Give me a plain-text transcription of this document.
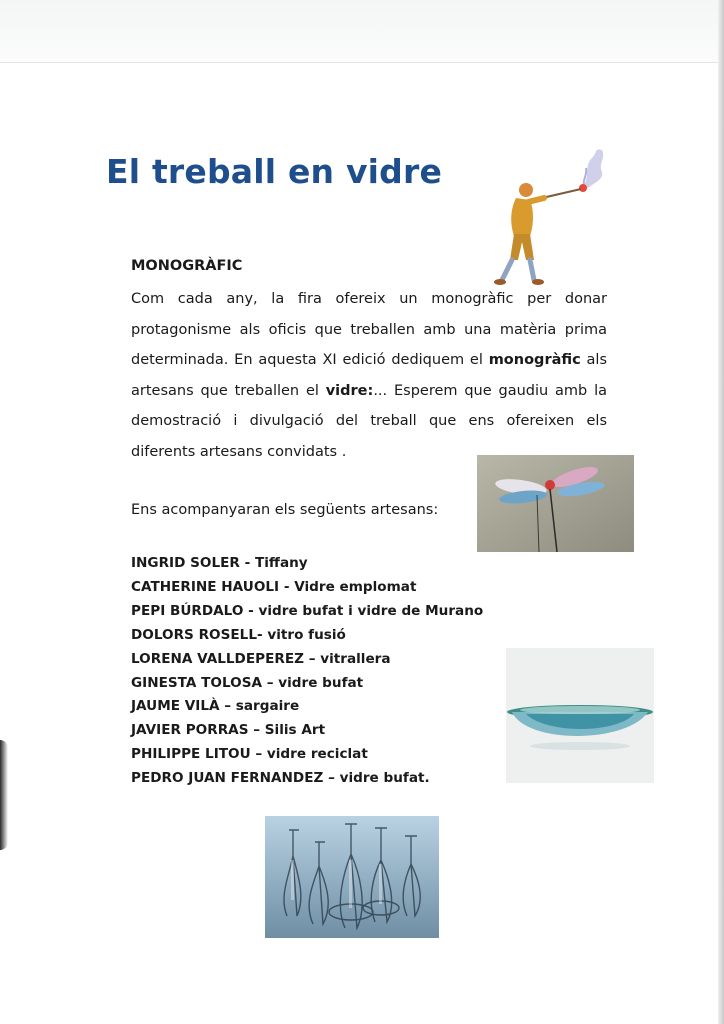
El treball en vidre
MONOGRÀFIC

Com cada any, la fira ofereix un monogràfic per donar protagonisme als oficis que treballen amb una matèria prima determinada. En aquesta XI edició dediquem el monogràfic als artesans que treballen el vidre:... Esperem que gaudiu amb la demostració i divulgació del treball que ens ofereixen els diferents artesans convidats .

Ens acompanyaran els següents artesans:
INGRID SOLER - Tiffany
CATHERINE HAUOLI - Vidre emplomat
PEPI BÚRDALO - vidre bufat i vidre de Murano
DOLORS ROSELL- vitro fusió
LORENA VALLDEPEREZ – vitrallera
GINESTA TOLOSA – vidre bufat
JAUME VILÀ – sargaire
JAVIER PORRAS – Silis Art
PHILIPPE LITOU – vidre reciclat
PEDRO JUAN FERNANDEZ – vidre bufat.
